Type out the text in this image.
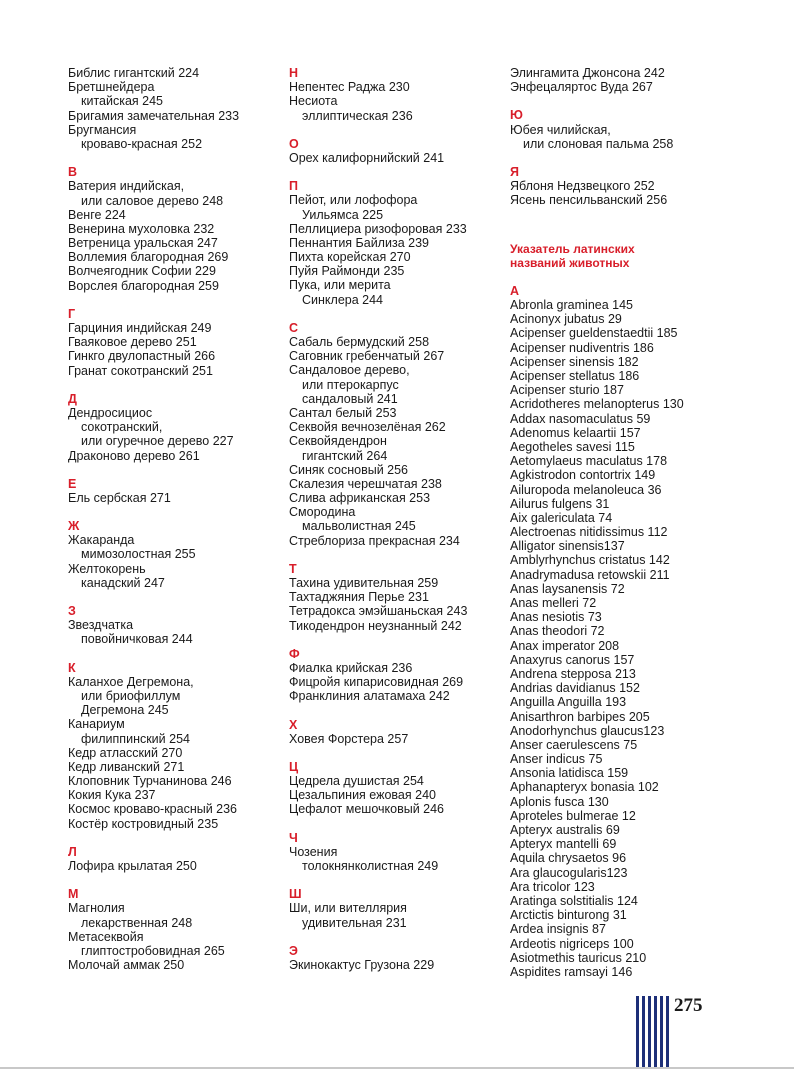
Библис гигантский 224
Бретшнейдера
китайская 245
Бригамия замечательная 233
Бругмансия
кроваво-красная 252
В
Ватерия индийская,
или саловое дерево 248
Венге 224
Венерина мухоловка 232
Ветреница уральская 247
Воллемия благородная 269
Волчеягодник Софии 229
Ворслея благородная 259
Г
Гарциния индийская 249
Гваяковое дерево 251
Гинкго двулопастный 266
Гранат сокотранский 251
Д
Дендросициос
сокотранский,
или огуречное дерево 227
Драконово дерево 261
Е
Ель сербская 271
Ж
Жакаранда
мимозолостная 255
Желтокорень
канадский 247
З
Звездчатка
повойничковая 244
К
Каланхое Дегремона,
или бриофиллум
Дегремона 245
Канариум
филиппинский 254
Кедр атласский 270
Кедр ливанский 271
Клоповник Турчанинова 246
Кокия Кука 237
Космос кроваво-красный 236
Костёр костровидный 235
Л
Лофира крылатая 250
М
Магнолия
лекарственная 248
Метасеквойя
глиптостробовидная 265
Молочай аммак 250
Н
Непентес Раджа 230
Несиота
эллиптическая 236
О
Орех калифорнийский 241
П
Пейот, или лофофора
Уильямса 225
Пеллициера ризофоровая 233
Пеннантия Байлиза 239
Пихта корейская 270
Пуйя Раймонди 235
Пука, или мерита
Синклера 244
С
Сабаль бермудский 258
Саговник гребенчатый 267
Сандаловое дерево,
или птерокарпус
сандаловый 241
Сантал белый 253
Секвойя вечнозелёная 262
Секвойядендрон
гигантский 264
Синяк сосновый 256
Скалезия черешчатая 238
Слива африканская 253
Смородина
мальволистная 245
Стреблориза прекрасная 234
Т
Тахина удивительная 259
Тахтаджяния Перье 231
Тетрадокса эмэйшаньская 243
Тикодендрон неузнанный 242
Ф
Фиалка крийская 236
Фицройя кипарисовидная 269
Франклиния алатамаха 242
Х
Ховея Форстера 257
Ц
Цедрела душистая 254
Цезальпиния ежовая 240
Цефалот мешочковый 246
Ч
Чозения
толокнянколистная 249
Ш
Ши, или вителлярия
удивительная 231
Э
Экинокактус Грузона 229
Элингамита Джонсона 242
Энфецаляртос Вуда 267
Ю
Юбея чилийская,
или слоновая пальма 258
Я
Яблоня Недзвецкого 252
Ясень пенсильванский 256
Указатель латинских
названий животных
A
Abronla graminea 145
Acinonyx jubatus 29
Acipenser gueldenstaedtii 185
Acipenser nudiventris 186
Acipenser sinensis 182
Acipenser stellatus 186
Acipenser sturio 187
Acridotheres melanopterus 130
Addax nasomaculatus 59
Adenomus kelaartii 157
Aegotheles savesi 115
Aetomylaeus maculatus 178
Agkistrodon contortrix 149
Ailuropoda melanoleuca 36
Ailurus fulgens 31
Aix galericulata 74
Alectroenas nitidissimus 112
Alligator sinensis137
Amblyrhynchus cristatus 142
Anadrymadusa retowskii 211
Anas laysanensis 72
Anas melleri 72
Anas nesiotis 73
Anas theodori 72
Anax imperator 208
Anaxyrus canorus 157
Andrena stepposa 213
Andrias davidianus 152
Anguilla Anguilla 193
Anisarthron barbipes 205
Anodorhynchus glaucus123
Anser caerulescens 75
Anser indicus 75
Ansonia latidisca 159
Aphanapteryx bonasia 102
Aplonis fusca 130
Aproteles bulmerae 12
Apteryx australis 69
Apteryx mantelli 69
Aquila chrysaetos 96
Ara glaucogularis123
Ara tricolor 123
Aratinga solstitialis 124
Arctictis binturong 31
Ardea insignis 87
Ardeotis nigriceps 100
Asiotmethis tauricus 210
Aspidites ramsayi 146
275
